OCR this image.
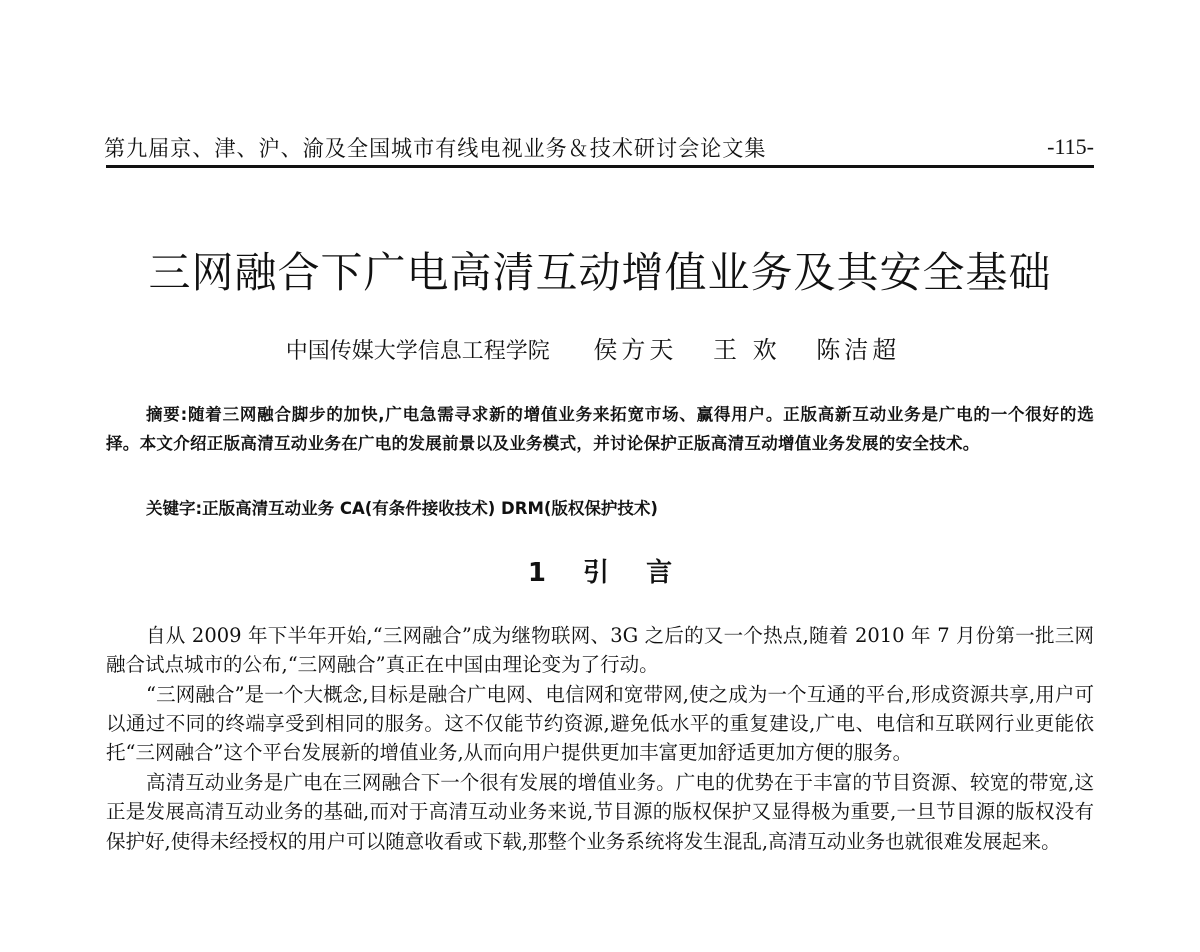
第九届京、津、沪、渝及全国城市有线电视业务＆技术研讨会论文集	-115-
三网融合下广电高清互动增值业务及其安全基础
中国传媒大学信息工程学院 侯方天 王 欢 陈洁超
摘要:随着三网融合脚步的加快,广电急需寻求新的增值业务来拓宽市场、赢得用户。正版高新互动业务是广电的一个很好的选择。本文介绍正版高清互动业务在广电的发展前景以及业务模式，并讨论保护正版高清互动增值业务发展的安全技术。
关键字:正版高清互动业务 CA(有条件接收技术) DRM(版权保护技术)
1 引 言

自从 2009 年下半年开始,“三网融合”成为继物联网、3G 之后的又一个热点,随着 2010 年 7 月份第一批三网融合试点城市的公布,“三网融合”真正在中国由理论变为了行动。

“三网融合”是一个大概念,目标是融合广电网、电信网和宽带网,使之成为一个互通的平台,形成资源共享,用户可以通过不同的终端享受到相同的服务。这不仅能节约资源,避免低水平的重复建设,广电、电信和互联网行业更能依托“三网融合”这个平台发展新的增值业务,从而向用户提供更加丰富更加舒适更加方便的服务。

高清互动业务是广电在三网融合下一个很有发展的增值业务。广电的优势在于丰富的节目资源、较宽的带宽,这正是发展高清互动业务的基础,而对于高清互动业务来说,节目源的版权保护又显得极为重要,一旦节目源的版权没有保护好,使得未经授权的用户可以随意收看或下载,那整个业务系统将发生混乱,高清互动业务也就很难发展起来。
